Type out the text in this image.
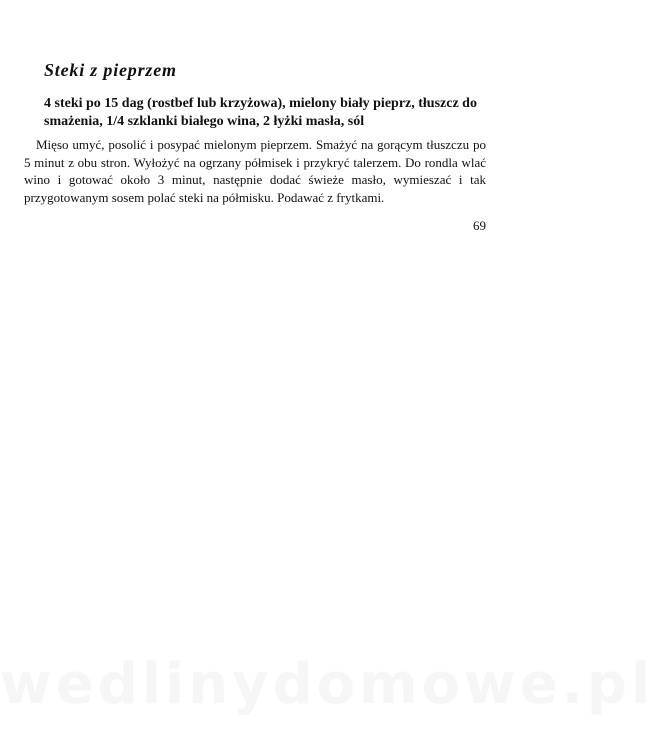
Steki z pieprzem

4 steki po 15 dag (rostbef lub krzyżowa), mielony biały pieprz, tłuszcz do smażenia, 1/4 szklanki białego wina, 2 łyżki masła, sól

Mięso umyć, posolić i posypać mielonym pieprzem. Smażyć na gorącym tłuszczu po 5 minut z obu stron. Wyłożyć na ogrzany półmisek i przykryć talerzem. Do rondla wlać wino i gotować około 3 minut, następnie dodać świeże masło, wymieszać i tak przygotowanym sosem polać steki na półmisku. Podawać z frytkami.

69
wedlinydomowe.pl
